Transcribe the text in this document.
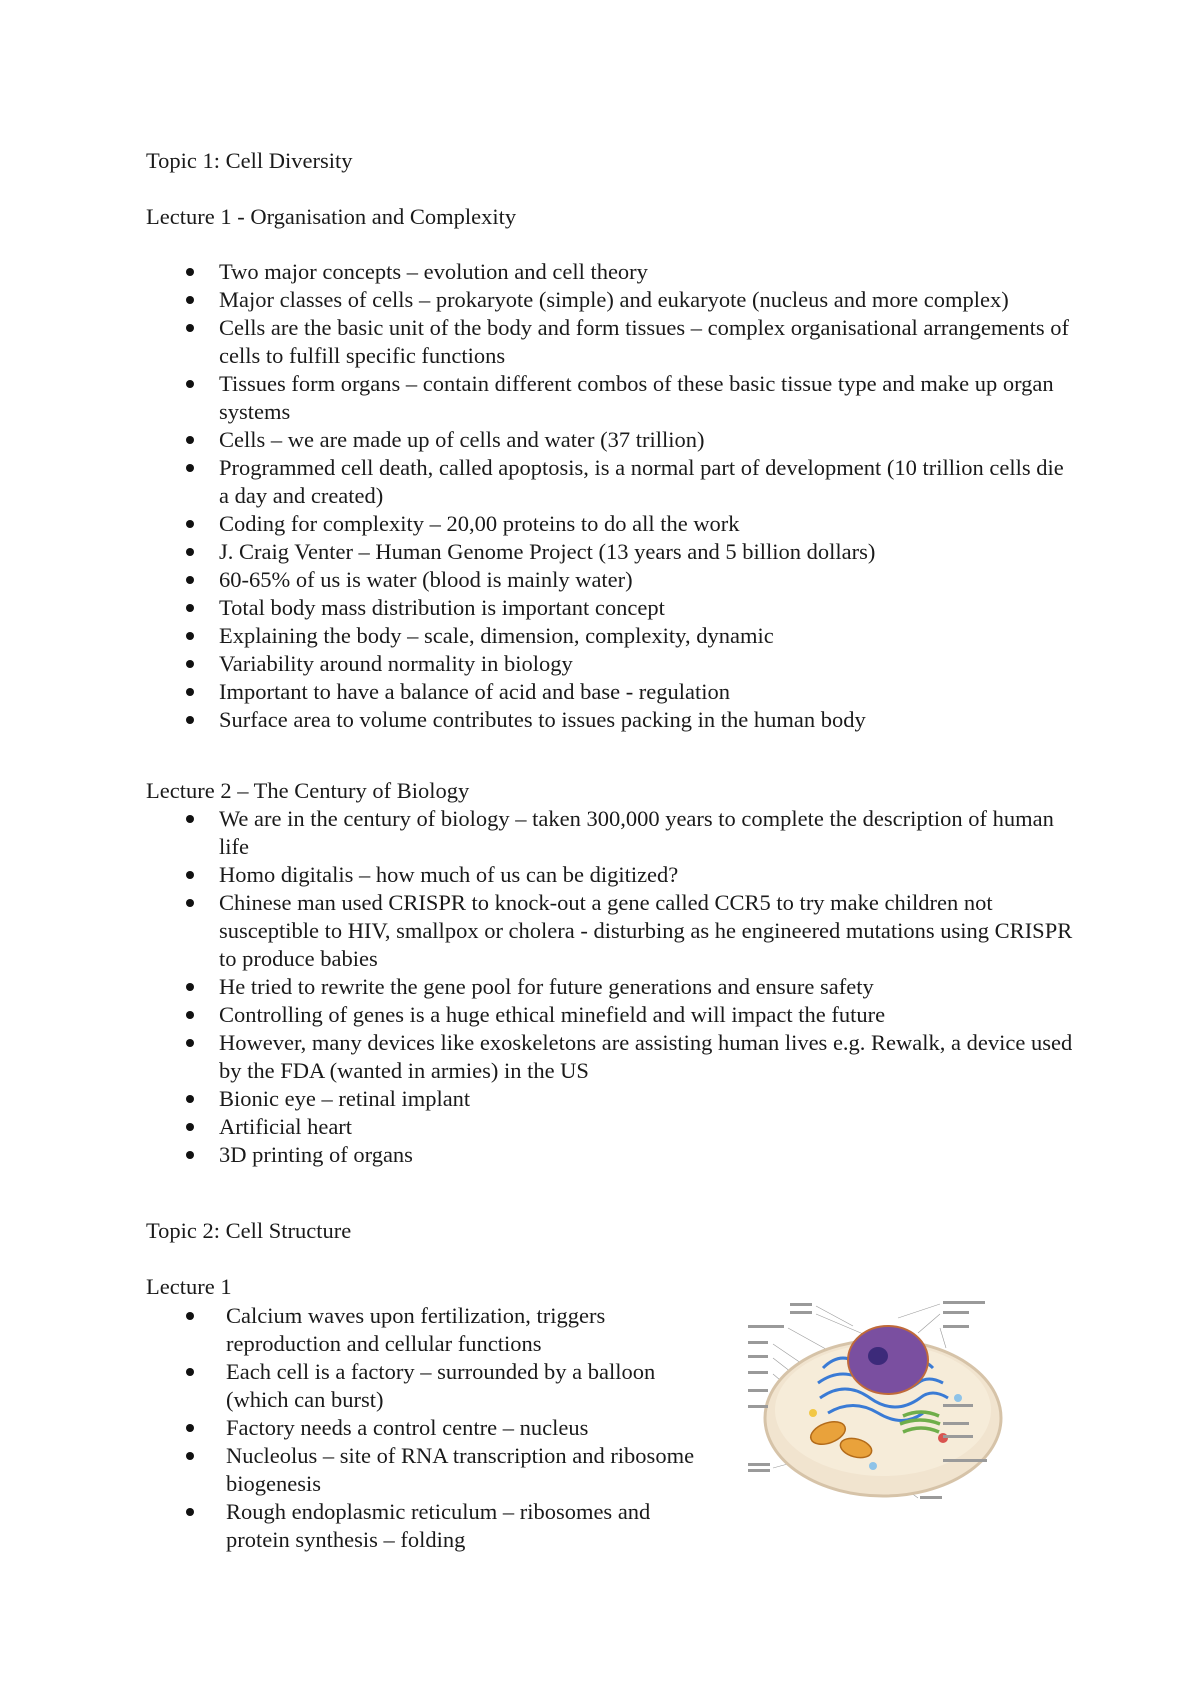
Topic 1: Cell Diversity
Lecture 1 - Organisation and Complexity
Two major concepts – evolution and cell theory
Major classes of cells – prokaryote (simple) and eukaryote (nucleus and more complex)
Cells are the basic unit of the body and form tissues – complex organisational arrangements of cells to fulfill specific functions
Tissues form organs – contain different combos of these basic tissue type and make up organ systems
Cells – we are made up of cells and water (37 trillion)
Programmed cell death, called apoptosis, is a normal part of development (10 trillion cells die a day and created)
Coding for complexity – 20,00 proteins to do all the work
J. Craig Venter – Human Genome Project (13 years and 5 billion dollars)
60-65% of us is water (blood is mainly water)
Total body mass distribution is important concept
Explaining the body – scale, dimension, complexity, dynamic
Variability around normality in biology
Important to have a balance of acid and base - regulation
Surface area to volume contributes to issues packing in the human body
Lecture 2 – The Century of Biology
We are in the century of biology – taken 300,000 years to complete the description of human life
Homo digitalis – how much of us can be digitized?
Chinese man used CRISPR to knock-out a gene called CCR5 to try make children not susceptible to HIV, smallpox or cholera - disturbing as he engineered mutations using CRISPR to produce babies
He tried to rewrite the gene pool for future generations and ensure safety
Controlling of genes is a huge ethical minefield and will impact the future
However, many devices like exoskeletons are assisting human lives e.g. Rewalk, a device used by the FDA (wanted in armies) in the US
Bionic eye – retinal implant
Artificial heart
3D printing of organs
Topic 2: Cell Structure
Lecture 1
Calcium waves upon fertilization, triggers reproduction and cellular functions
Each cell is a factory – surrounded by a balloon (which can burst)
Factory needs a control centre – nucleus
Nucleolus – site of RNA transcription and ribosome biogenesis
Rough endoplasmic reticulum – ribosomes and protein synthesis – folding
